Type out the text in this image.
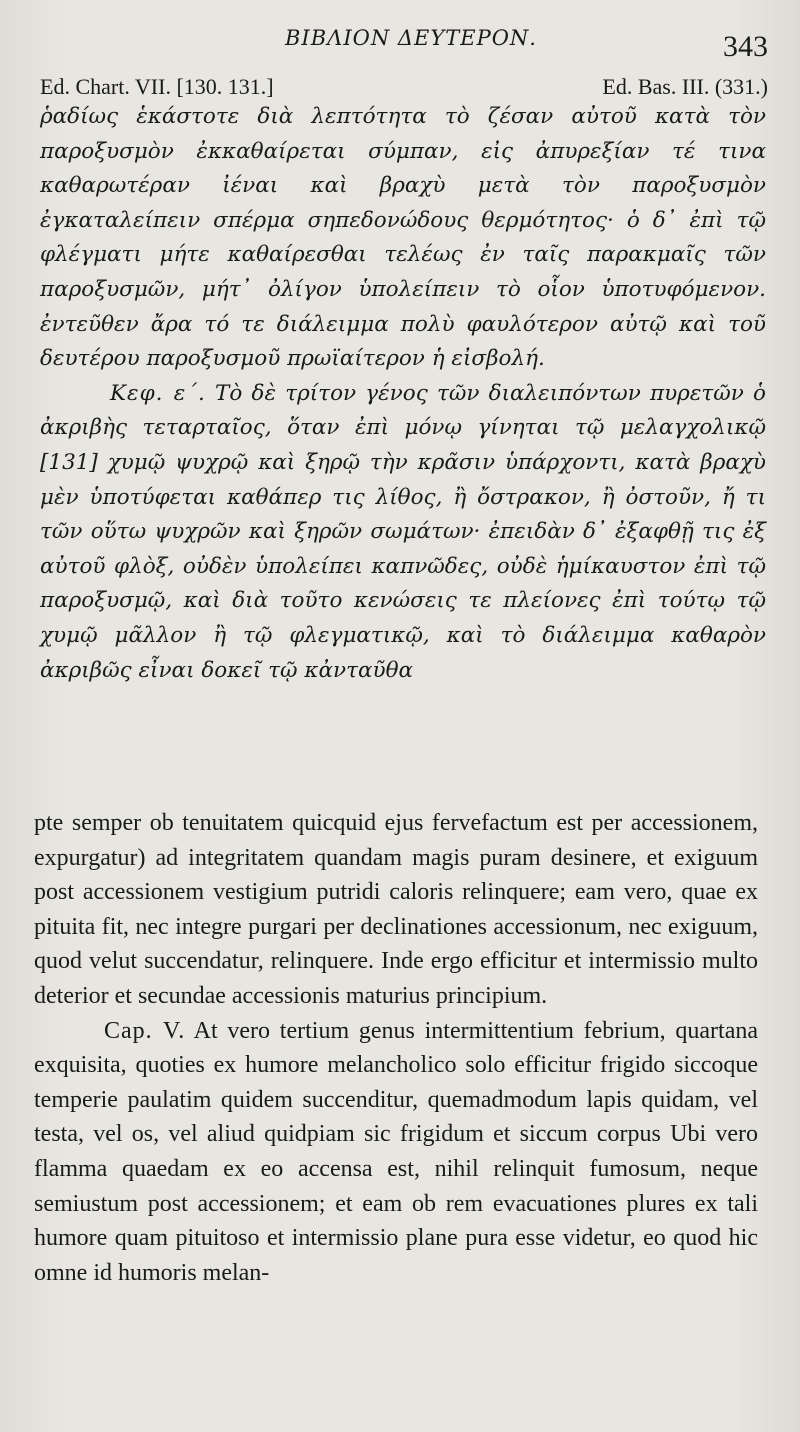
ΒΙΒΛΙΟΝ ΔΕΥΤΕΡΟΝ.	343
Ed. Chart. VII. [130. 131.]	Ed. Bas. III. (331.)

ῥαδίως ἑκάστοτε διὰ λεπτότητα τὸ ζέσαν αὐτοῦ κατὰ τὸν παροξυσμὸν ἐκκαθαίρεται σύμπαν, εἰς ἀπυρεξίαν τέ τινα καθαρωτέραν ἰέναι καὶ βραχὺ μετὰ τὸν παροξυσμὸν ἐγκαταλείπειν σπέρμα σηπεδονώδους θερμότητος· ὁ δ᾽ ἐπὶ τῷ φλέγματι μήτε καθαίρεσθαι τελέως ἐν ταῖς παρακμαῖς τῶν παροξυσμῶν, μήτ᾽ ὀλίγον ὑπολείπειν τὸ οἷον ὑποτυφόμενον. ἐντεῦθεν ἄρα τό τε διάλειμμα πολὺ φαυλότερον αὐτῷ καὶ τοῦ δευτέρου παροξυσμοῦ πρωϊαίτερον ἡ εἰσβολή.

Κεφ. ε΄. Τὸ δὲ τρίτον γένος τῶν διαλειπόντων πυρετῶν ὁ ἀκριβὴς τεταρταῖος, ὅταν ἐπὶ μόνῳ γίνηται τῷ μελαγχολικῷ [131] χυμῷ ψυχρῷ καὶ ξηρῷ τὴν κρᾶσιν ὑπάρχοντι, κατὰ βραχὺ μὲν ὑποτύφεται καθάπερ τις λίθος, ἢ ὄστρακον, ἢ ὀστοῦν, ἤ τι τῶν οὕτω ψυχρῶν καὶ ξηρῶν σωμάτων· ἐπειδὰν δ᾽ ἐξαφθῇ τις ἐξ αὐτοῦ φλὸξ, οὐδὲν ὑπολείπει καπνῶδες, οὐδὲ ἡμίκαυστον ἐπὶ τῷ παροξυσμῷ, καὶ διὰ τοῦτο κενώσεις τε πλείονες ἐπὶ τούτῳ τῷ χυμῷ μᾶλλον ἢ τῷ φλεγματικῷ, καὶ τὸ διάλειμμα καθαρὸν ἀκριβῶς εἶναι δοκεῖ τῷ κἀνταῦθα

pte semper ob tenuitatem quicquid ejus fervefactum est per accessionem, expurgatur) ad integritatem quandam magis puram desinere, et exiguum post accessionem vestigium putridi caloris relinquere; eam vero, quae ex pituita fit, nec integre purgari per declinationes accessionum, nec exiguum, quod velut succendatur, relinquere. Inde ergo efficitur et intermissio multo deterior et secundae accessionis maturius principium.

Cap. V. At vero tertium genus intermittentium febrium, quartana exquisita, quoties ex humore melancholico solo efficitur frigido siccoque temperie paulatim quidem succenditur, quemadmodum lapis quidam, vel testa, vel os, vel aliud quidpiam sic frigidum et siccum corpus Ubi vero flamma quaedam ex eo accensa est, nihil relinquit fumosum, neque semiustum post accessionem; et eam ob rem evacuationes plures ex tali humore quam pituitoso et intermissio plane pura esse videtur, eo quod hic omne id humoris melan-
